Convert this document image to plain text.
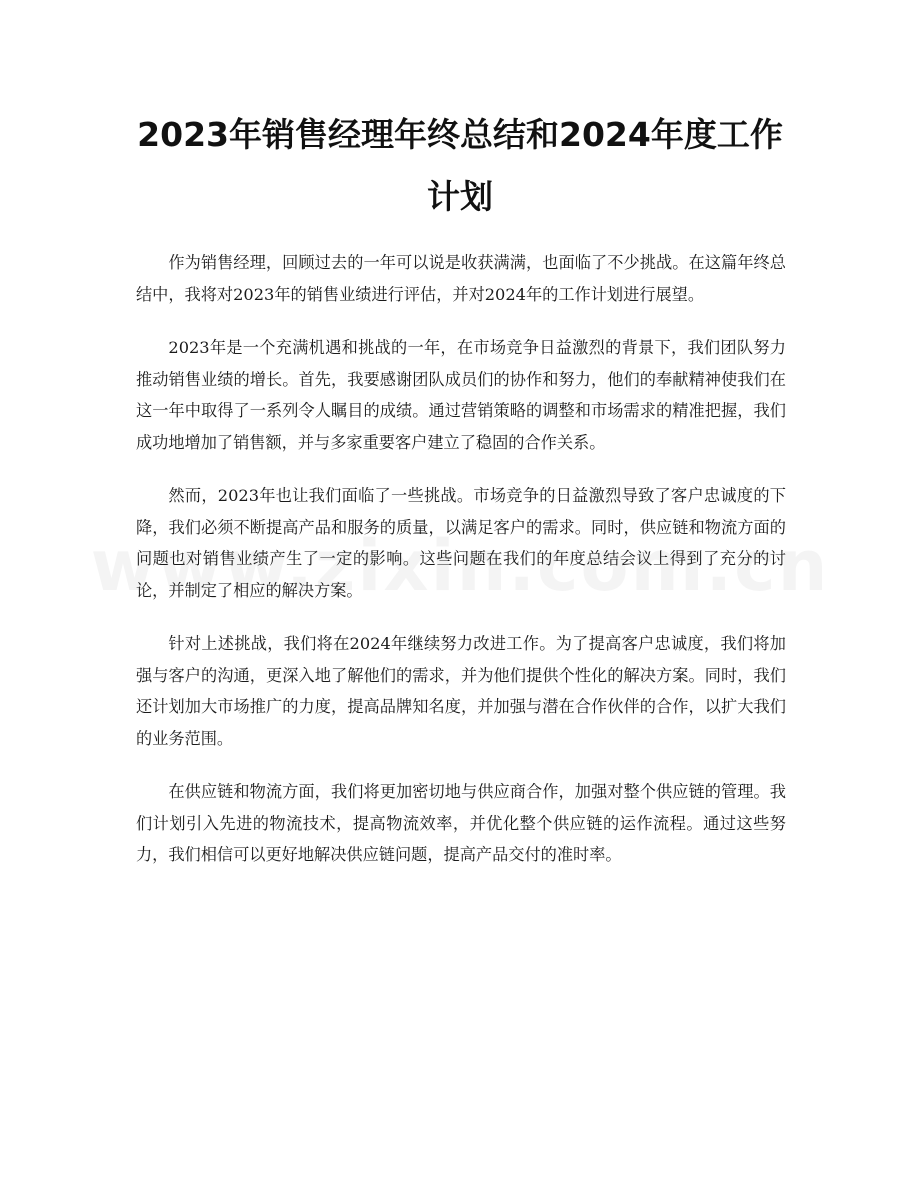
2023年销售经理年终总结和2024年度工作计划

作为销售经理，回顾过去的一年可以说是收获满满，也面临了不少挑战。在这篇年终总结中，我将对2023年的销售业绩进行评估，并对2024年的工作计划进行展望。

2023年是一个充满机遇和挑战的一年，在市场竞争日益激烈的背景下，我们团队努力推动销售业绩的增长。首先，我要感谢团队成员们的协作和努力，他们的奉献精神使我们在这一年中取得了一系列令人瞩目的成绩。通过营销策略的调整和市场需求的精准把握，我们成功地增加了销售额，并与多家重要客户建立了稳固的合作关系。

然而，2023年也让我们面临了一些挑战。市场竞争的日益激烈导致了客户忠诚度的下降，我们必须不断提高产品和服务的质量，以满足客户的需求。同时，供应链和物流方面的问题也对销售业绩产生了一定的影响。这些问题在我们的年度总结会议上得到了充分的讨论，并制定了相应的解决方案。

针对上述挑战，我们将在2024年继续努力改进工作。为了提高客户忠诚度，我们将加强与客户的沟通，更深入地了解他们的需求，并为他们提供个性化的解决方案。同时，我们还计划加大市场推广的力度，提高品牌知名度，并加强与潜在合作伙伴的合作，以扩大我们的业务范围。

在供应链和物流方面，我们将更加密切地与供应商合作，加强对整个供应链的管理。我们计划引入先进的物流技术，提高物流效率，并优化整个供应链的运作流程。通过这些努力，我们相信可以更好地解决供应链问题，提高产品交付的准时率。
